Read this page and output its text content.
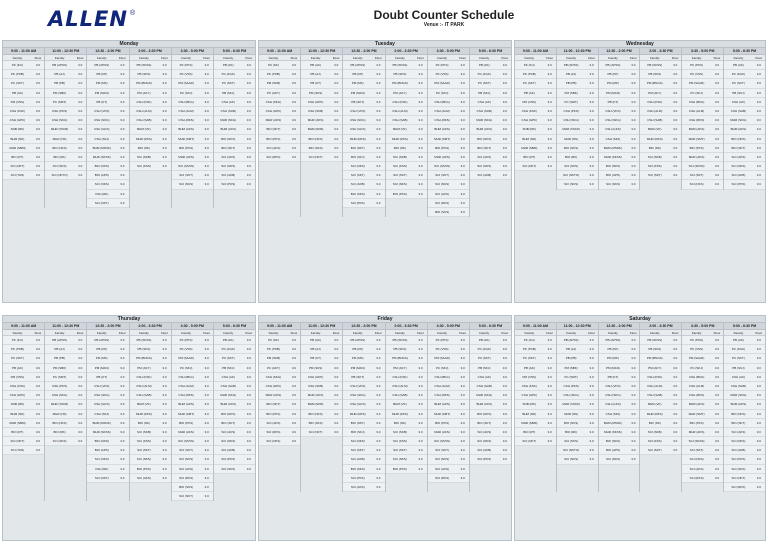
ALLEN ®	Doubt Counter Schedule
Venue :- IT PARK
Monday
9:00 - 11:00 AM
Faculty	Floor
PK (KU)	3.0
PK (TRB)	3.0
PC (SKT)	3.0
PB (AK)	3.0
PM (VNS)	3.0
CSH (KSK)	3.0
CSH (GPK)	3.0
SNB (MK)	3.0
BHM (ND)	3.0
MHR (SBM)	3.0
BIO (RT)	3.0
SCI (NKT)	3.0
SCI (TAN)	3.0
11:00 - 12:30 PM
Faculty	Floor
PB (APSS)	3.0
PB (AJ)	3.0
PB (PB)	3.0
PM (SBK)	3.0
PC (SMT)	3.0
CSH (PKS)	3.0
CSH (SKG)	3.0
MHR (TAKR)	3.0
MHR (NS)	3.0
BIO (NKS)	3.0
BIO (RK)	3.0
SCI (SKS)	3.0
SCI (NKTO)	3.0
12:30 - 2:00 PM
Faculty	Floor
PB (APSS)	3.0
PB (KP)	3.0
PM (MK)	3.0
PM (MAN)	3.0
PB (KT)	3.0
CSH (VKS)	3.0
CSH (SKG)	3.0
CSH (GKS)	3.0
CSH (SKJ)	3.0
BHM (MSNK)	3.0
MHR (SKSS)	3.0
BIO (NKS)	3.0
BIO (APS)	3.0
SCI (NKS)	3.0
CSH (RK)	3.0
SCI (NKT)	3.0
2:00 - 3:30 PM
Faculty	Floor
PB (SKSS)	3.0
PB (SKS)	3.0
PM (BNGS)	3.0
PM (AKY)	3.0
CSH (KSK)	3.0
CSH (ALM)	3.0
CSH (SAB)	3.0
BHM (VK)	3.0
MHR (RKS)	3.0
BIO (NK)	3.0
SCI (SKB)	3.0
SCI (KSS)	3.0
3:30 - 5:00 PM
Faculty	Floor
PK (PKS)	3.0
PK (VSS)	3.0
PM (SAAR)	3.0
PC (SKJ)	3.0
CSH (BKG)	3.0
CSH (ALM)	3.0
CSH (RKS)	3.0
BHM (AKS)	3.0
MHR (SMT)	3.0
BIO (PKS)	3.0
MHR (AKS)	3.0
SCI (SKSS)	3.0
SCI (SKT)	3.0
SCI (NKS)	3.0
5:00 - 6:30 PM
Faculty	Floor
PB (AK)	3.0
PC (KGK)	3.0
PC (SKT)	3.0
PB (SKJ)	3.0
CSH (AK)	3.0
CSH (SAB)	3.0
MHR (SKG)	3.0
BHM (AKS)	3.0
BIO (NKS)	3.0
BIO (SKT)	3.0
SCI (AKS)	3.0
SCI (NKS)	3.0
SCI (AKB)	3.0
SCI (PKS)	3.0
Tuesday
9:00 - 11:00 AM
Faculty	Floor
PK (SK)	3.0
PK (TRB)	3.0
PM (SKB)	3.0
PC (AKT)	3.0
CSH (SKG)	3.0
CSH (GPK)	3.0
MHR (AKS)	3.0
BIO (SKT)	3.0
BIO (PKS)	3.0
SCI (AKS)	3.0
SCI (RKS)	3.0
11:00 - 12:30 PM
Faculty	Floor
PB (AK)	3.0
PB (AJ)	3.0
PB (KT)	3.0
PM (SKS)	3.0
CSH (GPK)	3.0
CSH (SKB)	3.0
MHR (AKS)	3.0
BHM (SKB)	3.0
BIO (NKS)	3.0
BIO (SKS)	3.0
SCI (NKT)	3.0
12:30 - 2:00 PM
Faculty	Floor
PB (APSS)	3.0
PB (KP)	3.0
PM (MK)	3.0
PM (MAN)	3.0
PB (SKT)	3.0
CSH (VKS)	3.0
CSH (SKG)	3.0
CSH (GKS)	3.0
MHR (RKS)	3.0
BIO (NKT)	3.0
BIO (SKJ)	3.0
SCI (NKS)	3.0
SCI (SKT)	3.0
SCI (AKB)	3.0
BIO (SKS)	3.0
SCI (PKS)	3.0
2:00 - 3:30 PM
Faculty	Floor
PB (SKSS)	3.0
PB (SKS)	3.0
PM (BNGS)	3.0
PM (AKY)	3.0
CSH (KSK)	3.0
CSH (ALM)	3.0
CSH (SAB)	3.0
BHM (VK)	3.0
MHR (RKS)	3.0
BIO (NK)	3.0
SCI (SKB)	3.0
SCI (KSS)	3.0
SCI (SKT)	3.0
SCI (NKS)	3.0
BIO (PKS)	3.0
3:30 - 5:00 PM
Faculty	Floor
PK (PKS)	3.0
PK (VSS)	3.0
PM (SAAR)	3.0
PC (SKJ)	3.0
CSH (BKG)	3.0
CSH (ALM)	3.0
CSH (RKS)	3.0
BHM (AKS)	3.0
MHR (SMT)	3.0
BIO (PKS)	3.0
MHR (AKS)	3.0
SCI (SKSS)	3.0
SCI (SKT)	3.0
SCI (NKS)	3.0
SCI (AKS)	3.0
SCI (RKS)	3.0
BIO (SKS)	3.0
5:00 - 6:30 PM
Faculty	Floor
PB (AK)	3.0
PC (KGK)	3.0
PC (SKT)	3.0
PB (SKJ)	3.0
CSH (AK)	3.0
CSH (SAB)	3.0
MHR (SKG)	3.0
BHM (AKS)	3.0
BIO (NKS)	3.0
BIO (SKT)	3.0
SCI (AKS)	3.0
SCI (NKS)	3.0
SCI (AKB)	3.0
Wednesday
9:00 - 11:00 AM
Faculty	Floor
PK (KU)	3.0
PK (TRB)	3.0
PC (SKT)	3.0
PB (AK)	3.0
PM (VNS)	3.0
CSH (KSK)	3.0
CSH (GPK)	3.0
SNB (MK)	3.0
BHM (ND)	3.0
MHR (SBM)	3.0
BIO (RT)	3.0
SCI (NKT)	3.0
11:00 - 12:30 PM
Faculty	Floor
PB (APSS)	3.0
PB (AJ)	3.0
PB (PB)	3.0
PM (SBK)	3.0
PC (SMT)	3.0
CSH (PKS)	3.0
CSH (SKG)	3.0
MHR (TAKR)	3.0
MHR (NS)	3.0
BIO (NKS)	3.0
BIO (RK)	3.0
SCI (SKS)	3.0
SCI (NKTO)	3.0
SCI (NKS)	3.0
12:30 - 2:00 PM
Faculty	Floor
PB (APSS)	3.0
PB (KP)	3.0
PM (MK)	3.0
PM (MAN)	3.0
PB (KT)	3.0
CSH (VKS)	3.0
CSH (SKG)	3.0
CSH (GKS)	3.0
CSH (SKJ)	3.0
BHM (MSNK)	3.0
MHR (SKSS)	3.0
BIO (NKS)	3.0
BIO (APS)	3.0
SCI (NKS)	3.0
2:00 - 3:30 PM
Faculty	Floor
PB (SKSS)	3.0
PB (SKS)	3.0
PM (BNGS)	3.0
PM (AKY)	3.0
CSH (KSK)	3.0
CSH (ALM)	3.0
CSH (SAB)	3.0
BHM (VK)	3.0
MHR (RKS)	3.0
BIO (NK)	3.0
SCI (SKB)	3.0
SCI (KSS)	3.0
SCI (SKT)	3.0
3:30 - 5:00 PM
Faculty	Floor
PK (PKS)	3.0
PK (VSS)	3.0
PM (SAAR)	3.0
PC (SKJ)	3.0
CSH (BKG)	3.0
CSH (ALM)	3.0
CSH (RKS)	3.0
BHM (AKS)	3.0
MHR (SMT)	3.0
BIO (PKS)	3.0
MHR (AKS)	3.0
SCI (SKSS)	3.0
SCI (SKT)	3.0
SCI (NKS)	3.0
5:00 - 6:30 PM
Faculty	Floor
PB (AK)	3.0
PC (KGK)	3.0
PC (SKT)	3.0
PB (SKJ)	3.0
CSH (AK)	3.0
CSH (SAB)	3.0
MHR (SKG)	3.0
BHM (AKS)	3.0
BIO (NKS)	3.0
BIO (SKT)	3.0
SCI (AKS)	3.0
SCI (NKS)	3.0
SCI (AKB)	3.0
SCI (PKS)	3.0
Thursday
9:00 - 11:00 AM
Faculty	Floor
PK (KU)	3.0
PK (TRB)	3.0
PC (SKT)	3.0
PB (AK)	3.0
PM (VNS)	3.0
CSH (KSK)	3.0
CSH (GPK)	3.0
SNB (MK)	3.0
BHM (ND)	3.0
MHR (SBM)	3.0
BIO (RT)	3.0
SCI (NKT)	3.0
SCI (TAN)	3.0
11:00 - 12:30 PM
Faculty	Floor
PB (APSS)	3.0
PB (AJ)	3.0
PB (PB)	3.0
PM (SBK)	3.0
PC (SMT)	3.0
CSH (PKS)	3.0
CSH (SKG)	3.0
MHR (TAKR)	3.0
MHR (NS)	3.0
BIO (NKS)	3.0
BIO (RK)	3.0
SCI (SKS)	3.0
12:30 - 2:00 PM
Faculty	Floor
PB (APSS)	3.0
PB (KP)	3.0
PM (MK)	3.0
PM (MAN)	3.0
PB (KT)	3.0
CSH (VKS)	3.0
CSH (SKG)	3.0
CSH (GKS)	3.0
CSH (SKJ)	3.0
BHM (MSNK)	3.0
MHR (SKSS)	3.0
BIO (NKS)	3.0
BIO (APS)	3.0
SCI (NKS)	3.0
CSH (RK)	3.0
SCI (NKT)	3.0
2:00 - 3:30 PM
Faculty	Floor
PB (SKSS)	3.0
PB (SKS)	3.0
PM (BNGS)	3.0
PM (AKY)	3.0
CSH (KSK)	3.0
CSH (ALM)	3.0
CSH (SAB)	3.0
BHM (VK)	3.0
MHR (RKS)	3.0
BIO (NK)	3.0
SCI (SKB)	3.0
SCI (KSS)	3.0
SCI (SKT)	3.0
SCI (NKS)	3.0
BIO (PKS)	3.0
SCI (AKS)	3.0
3:30 - 5:00 PM
Faculty	Floor
PK (PKS)	3.0
PK (VSS)	3.0
PM (SAAR)	3.0
PC (SKJ)	3.0
CSH (BKG)	3.0
CSH (ALM)	3.0
CSH (RKS)	3.0
BHM (AKS)	3.0
MHR (SMT)	3.0
BIO (PKS)	3.0
MHR (AKS)	3.0
SCI (SKSS)	3.0
SCI (SKT)	3.0
SCI (NKS)	3.0
SCI (AKS)	3.0
SCI (RKS)	3.0
BIO (SKS)	3.0
SCI (NKT)	3.0
5:00 - 6:30 PM
Faculty	Floor
PB (AK)	3.0
PC (KGK)	3.0
PC (SKT)	3.0
PB (SKJ)	3.0
CSH (AK)	3.0
CSH (SAB)	3.0
MHR (SKG)	3.0
BHM (AKS)	3.0
BIO (NKS)	3.0
BIO (SKT)	3.0
SCI (AKS)	3.0
SCI (NKS)	3.0
SCI (AKB)	3.0
SCI (PKS)	3.0
SCI (SKS)	3.0
Friday
9:00 - 11:00 AM
Faculty	Floor
PK (SK)	3.0
PK (TRB)	3.0
PM (SKB)	3.0
PC (AKT)	3.0
CSH (SKG)	3.0
CSH (GPK)	3.0
MHR (AKS)	3.0
BIO (SKT)	3.0
BIO (PKS)	3.0
SCI (AKS)	3.0
SCI (RKS)	3.0
SCI (NKS)	3.0
11:00 - 12:30 PM
Faculty	Floor
PB (AK)	3.0
PB (AJ)	3.0
PB (KT)	3.0
PM (SKS)	3.0
CSH (GPK)	3.0
CSH (SKB)	3.0
MHR (AKS)	3.0
BHM (SKB)	3.0
BIO (NKS)	3.0
BIO (SKS)	3.0
SCI (NKT)	3.0
12:30 - 2:00 PM
Faculty	Floor
PB (APSS)	3.0
PB (KP)	3.0
PM (MK)	3.0
PM (MAN)	3.0
PB (SKT)	3.0
CSH (VKS)	3.0
CSH (SKG)	3.0
CSH (GKS)	3.0
MHR (RKS)	3.0
BIO (NKT)	3.0
BIO (SKJ)	3.0
SCI (NKS)	3.0
SCI (SKT)	3.0
SCI (AKB)	3.0
BIO (SKS)	3.0
SCI (PKS)	3.0
SCI (AKS)	3.0
2:00 - 3:30 PM
Faculty	Floor
PB (SKSS)	3.0
PB (SKS)	3.0
PM (BNGS)	3.0
PM (AKY)	3.0
CSH (KSK)	3.0
CSH (ALM)	3.0
CSH (SAB)	3.0
BHM (VK)	3.0
MHR (RKS)	3.0
BIO (NK)	3.0
SCI (SKB)	3.0
SCI (KSS)	3.0
SCI (SKT)	3.0
SCI (NKS)	3.0
BIO (PKS)	3.0
3:30 - 5:00 PM
Faculty	Floor
PK (PKS)	3.0
PK (VSS)	3.0
PM (SAAR)	3.0
PC (SKJ)	3.0
CSH (BKG)	3.0
CSH (ALM)	3.0
CSH (RKS)	3.0
BHM (AKS)	3.0
MHR (SMT)	3.0
BIO (PKS)	3.0
MHR (AKS)	3.0
SCI (SKSS)	3.0
SCI (SKT)	3.0
SCI (NKS)	3.0
SCI (AKS)	3.0
SCI (RKS)	3.0
5:00 - 6:30 PM
Faculty	Floor
PB (AK)	3.0
PC (KGK)	3.0
PC (SKT)	3.0
PB (SKJ)	3.0
CSH (AK)	3.0
CSH (SAB)	3.0
MHR (SKG)	3.0
BHM (AKS)	3.0
BIO (NKS)	3.0
BIO (SKT)	3.0
SCI (AKS)	3.0
SCI (NKS)	3.0
SCI (AKB)	3.0
SCI (PKS)	3.0
Saturday
9:00 - 11:00 AM
Faculty	Floor
PK (KU)	3.0
PK (TRB)	3.0
PC (SKT)	3.0
PB (AK)	3.0
PM (VNS)	3.0
CSH (KSK)	3.0
CSH (GPK)	3.0
SNB (MK)	3.0
BHM (ND)	3.0
MHR (SBM)	3.0
BIO (RT)	3.0
SCI (NKT)	3.0
11:00 - 12:30 PM
Faculty	Floor
PB (APSS)	3.0
PB (AJ)	3.0
PB (PB)	3.0
PM (SBK)	3.0
PC (SMT)	3.0
CSH (PKS)	3.0
CSH (SKG)	3.0
MHR (TAKR)	3.0
MHR (NS)	3.0
BIO (NKS)	3.0
BIO (RK)	3.0
SCI (SKS)	3.0
SCI (NKTO)	3.0
SCI (NKS)	3.0
12:30 - 2:00 PM
Faculty	Floor
PB (APSS)	3.0
PB (KP)	3.0
PM (MK)	3.0
PM (MAN)	3.0
PB (KT)	3.0
CSH (VKS)	3.0
CSH (SKG)	3.0
CSH (GKS)	3.0
CSH (SKJ)	3.0
BHM (MSNK)	3.0
MHR (SKSS)	3.0
BIO (NKS)	3.0
BIO (APS)	3.0
SCI (NKS)	3.0
2:00 - 3:30 PM
Faculty	Floor
PB (SKSS)	3.0
PB (SKS)	3.0
PM (BNGS)	3.0
PM (AKY)	3.0
CSH (KSK)	3.0
CSH (ALM)	3.0
CSH (SAB)	3.0
BHM (VK)	3.0
MHR (RKS)	3.0
BIO (NK)	3.0
SCI (SKB)	3.0
SCI (KSS)	3.0
SCI (SKT)	3.0
3:30 - 5:00 PM
Faculty	Floor
PK (PKS)	3.0
PK (VSS)	3.0
PM (SAAR)	3.0
PC (SKJ)	3.0
CSH (BKG)	3.0
CSH (ALM)	3.0
CSH (RKS)	3.0
BHM (AKS)	3.0
MHR (SMT)	3.0
BIO (PKS)	3.0
MHR (AKS)	3.0
SCI (SKSS)	3.0
SCI (SKT)	3.0
SCI (NKS)	3.0
SCI (AKS)	3.0
SCI (RKS)	3.0
5:00 - 6:30 PM
Faculty	Floor
PB (AK)	3.0
PC (KGK)	3.0
PC (SKT)	3.0
PB (SKJ)	3.0
CSH (AK)	3.0
CSH (SAB)	3.0
MHR (SKG)	3.0
BHM (AKS)	3.0
BIO (NKS)	3.0
BIO (SKT)	3.0
SCI (AKS)	3.0
SCI (NKS)	3.0
SCI (AKB)	3.0
SCI (PKS)	3.0
SCI (SKS)	3.0
SCI (NKT)	3.0
SCI (RKS)	3.0
